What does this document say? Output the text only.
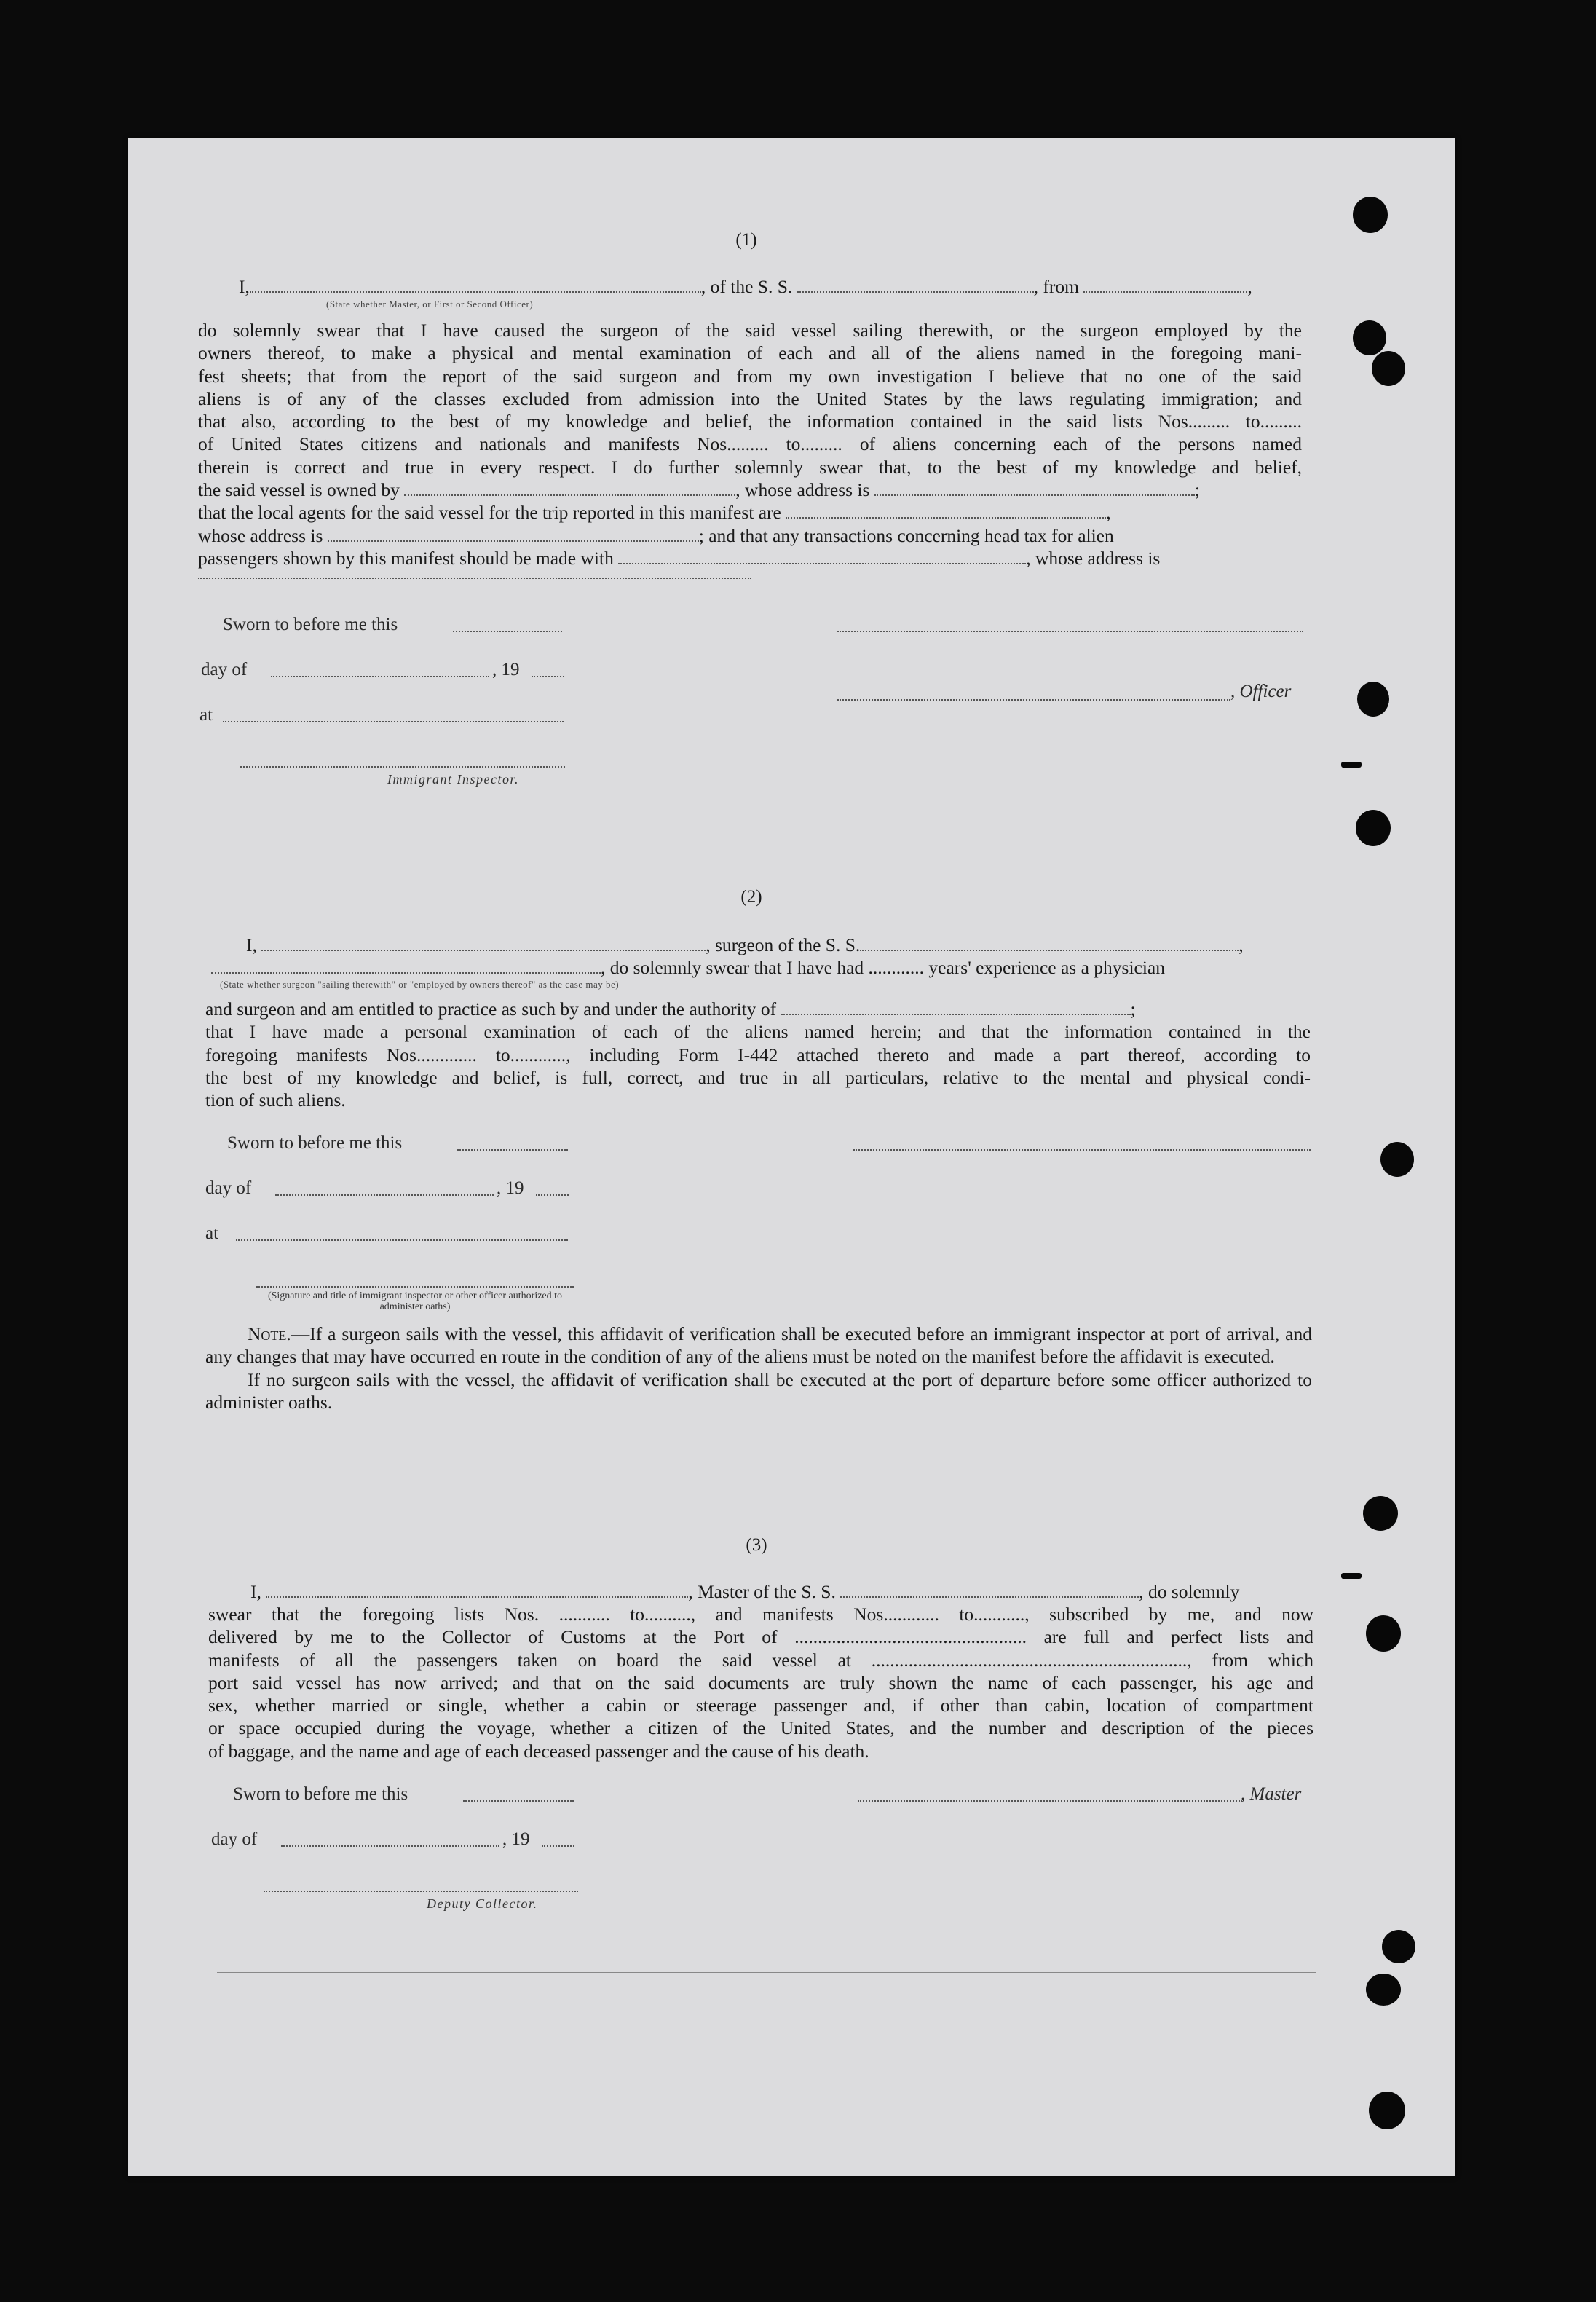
(1)
I,	, of the S. S.	, from	,
(State whether Master, or First or Second Officer)
do solemnly swear that I have caused the surgeon of the said vessel sailing therewith, or the surgeon employed by the
owners thereof, to make a physical and mental examination of each and all of the aliens named in the foregoing mani-
fest sheets; that from the report of the said surgeon and from my own investigation I believe that no one of the said
aliens is of any of the classes excluded from admission into the United States by the laws regulating immigration; and
that also, according to the best of my knowledge and belief, the information contained in the said lists Nos......... to.........
of United States citizens and nationals and manifests Nos......... to......... of aliens concerning each of the persons named
therein is correct and true in every respect. I do further solemnly swear that, to the best of my knowledge and belief,
the said vessel is owned by	, whose address is	;
that the local agents for the said vessel for the trip reported in this manifest are	,
whose address is	; and that any transactions concerning head tax for alien
passengers shown by this manifest should be made with	, whose address is
Sworn to before me this
day of	, 19
, Officer
at
Immigrant Inspector.
(2)
I,	, surgeon of the S. S.	,
, do solemnly swear that I have had ............ years' experience as a physician
(State whether surgeon "sailing therewith" or "employed by owners thereof" as the case may be)
and surgeon and am entitled to practice as such by and under the authority of	;
that I have made a personal examination of each of the aliens named herein; and that the information contained in the
foregoing manifests Nos............. to............, including Form I-442 attached thereto and made a part thereof, according to
the best of my knowledge and belief, is full, correct, and true in all particulars, relative to the mental and physical condi-
tion of such aliens.
Sworn to before me this
day of	, 19
at
(Signature and title of immigrant inspector or other officer authorized to administer oaths)
Note.—If a surgeon sails with the vessel, this affidavit of verification shall be executed before an immigrant inspector at port of arrival, and any changes that may have occurred en route in the condition of any of the aliens must be noted on the manifest before the affidavit is executed.
If no surgeon sails with the vessel, the affidavit of verification shall be executed at the port of departure before some officer authorized to administer oaths.
(3)
I,	, Master of the S. S.	, do solemnly
swear that the foregoing lists Nos. ........... to.........., and manifests Nos............ to..........., subscribed by me, and now
delivered by me to the Collector of Customs at the Port of .................................................. are full and perfect lists and
manifests of all the passengers taken on board the said vessel at ...................................................................., from which
port said vessel has now arrived; and that on the said documents are truly shown the name of each passenger, his age and
sex, whether married or single, whether a cabin or steerage passenger and, if other than cabin, location of compartment
or space occupied during the voyage, whether a citizen of the United States, and the number and description of the pieces
of baggage, and the name and age of each deceased passenger and the cause of his death.
Sworn to before me this	, Master
day of	, 19
Deputy Collector.
